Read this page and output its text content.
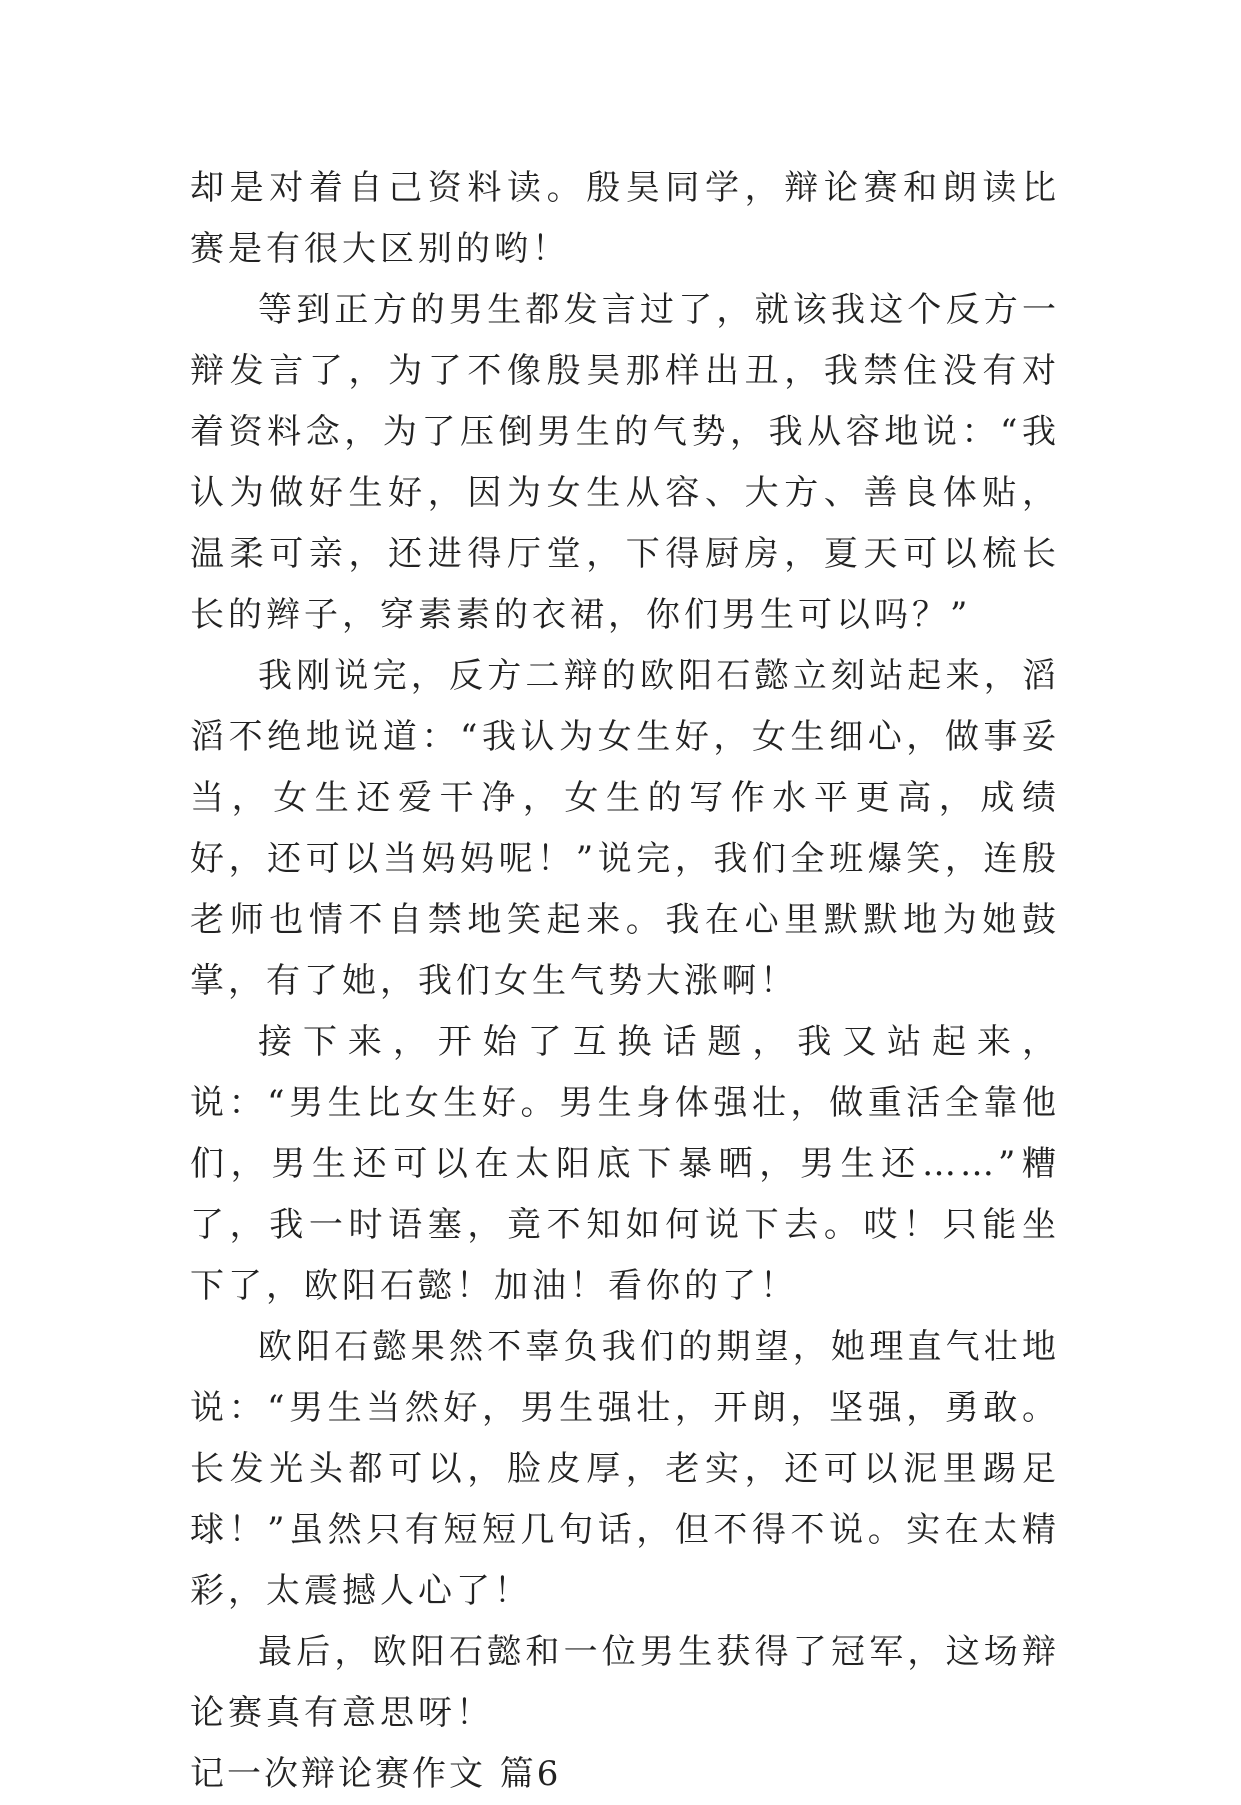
却是对着自己资料读。殷昊同学，辩论赛和朗读比赛是有很大区别的哟！

等到正方的男生都发言过了，就该我这个反方一辩发言了，为了不像殷昊那样出丑，我禁住没有对着资料念，为了压倒男生的气势，我从容地说：“我认为做好生好，因为女生从容、大方、善良体贴，温柔可亲，还进得厅堂，下得厨房，夏天可以梳长长的辫子，穿素素的衣裙，你们男生可以吗？”

我刚说完，反方二辩的欧阳石懿立刻站起来，滔滔不绝地说道：“我认为女生好，女生细心，做事妥当，女生还爱干净，女生的写作水平更高，成绩好，还可以当妈妈呢！”说完，我们全班爆笑，连殷老师也情不自禁地笑起来。我在心里默默地为她鼓掌，有了她，我们女生气势大涨啊！

接下来，开始了互换话题，我又站起来，说：“男生比女生好。男生身体强壮，做重活全靠他们，男生还可以在太阳底下暴晒，男生还……”糟了，我一时语塞，竟不知如何说下去。哎！只能坐下了，欧阳石懿！加油！看你的了！

欧阳石懿果然不辜负我们的期望，她理直气壮地说：“男生当然好，男生强壮，开朗，坚强，勇敢。长发光头都可以，脸皮厚，老实，还可以泥里踢足球！”虽然只有短短几句话，但不得不说。实在太精彩，太震撼人心了！

最后，欧阳石懿和一位男生获得了冠军，这场辩论赛真有意思呀！

记一次辩论赛作文 篇6
